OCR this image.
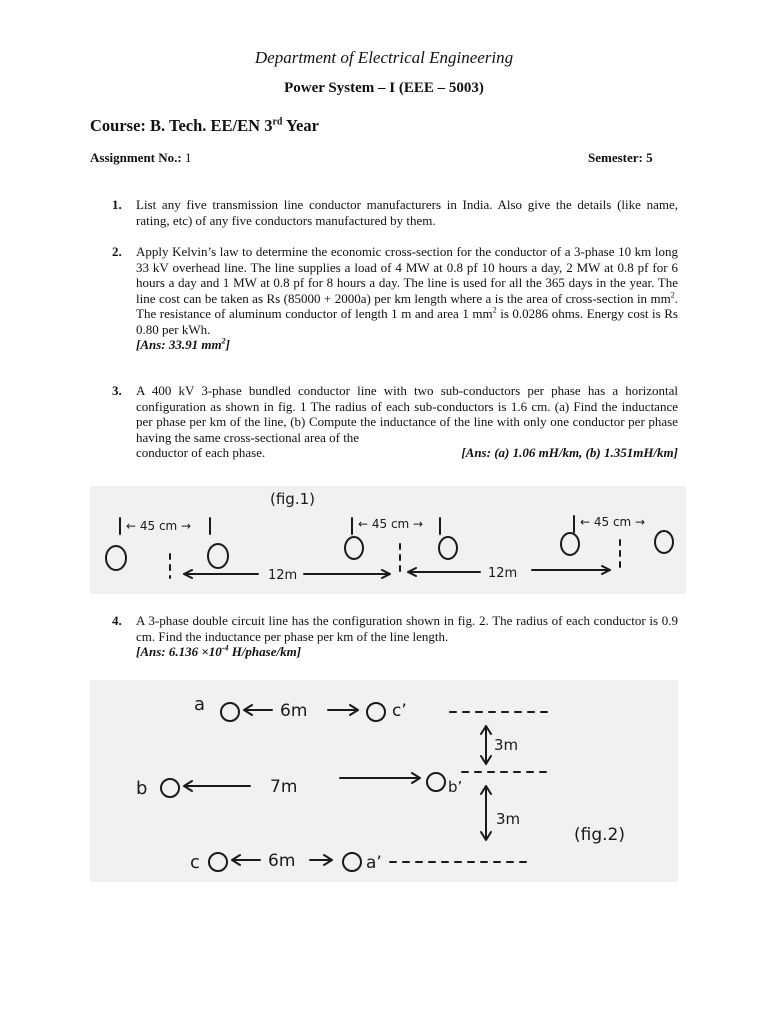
Department of Electrical Engineering
Power System – I (EEE – 5003)
Course: B. Tech. EE/EN 3rd Year
Assignment No.: 1	Semester: 5
1. List any five transmission line conductor manufacturers in India. Also give the details (like name, rating, etc) of any five conductors manufactured by them.
2. Apply Kelvin’s law to determine the economic cross-section for the conductor of a 3-phase 10 km long 33 kV overhead line. The line supplies a load of 4 MW at 0.8 pf 10 hours a day, 2 MW at 0.8 pf for 6 hours a day and 1 MW at 0.8 pf for 8 hours a day. The line is used for all the 365 days in the year. The line cost can be taken as Rs (85000 + 2000a) per km length where a is the area of cross-section in $mm^2$. The resistance of aluminum conductor of length 1 m and area 1 $mm^2$ is 0.0286 ohms. Energy cost is Rs 0.80 per kWh.
[Ans: 33.91 $mm^2$]
3. A 400 kV 3-phase bundled conductor line with two sub-conductors per phase has a horizontal configuration as shown in fig. 1 The radius of each sub-conductors is 1.6 cm. (a) Find the inductance per phase per km of the line, (b) Compute the inductance of the line with only one conductor per phase having the same cross-sectional area of the
conductor of each phase.	[Ans: (a) 1.06 mH/km, (b) 1.351mH/km]
(fig.1)
← 45 cm →	← 45 cm →	← 45 cm →
12m	12m
4. A 3-phase double circuit line has the configuration shown in fig. 2. The radius of each conductor is 0.9 cm. Find the inductance per phase per km of the line length.
[Ans: $6.136 \times 10^{-4}$ H/phase/km]
a	6m	c’
b	7m	b’
c	6m	a’
3m
3m
(fig.2)
